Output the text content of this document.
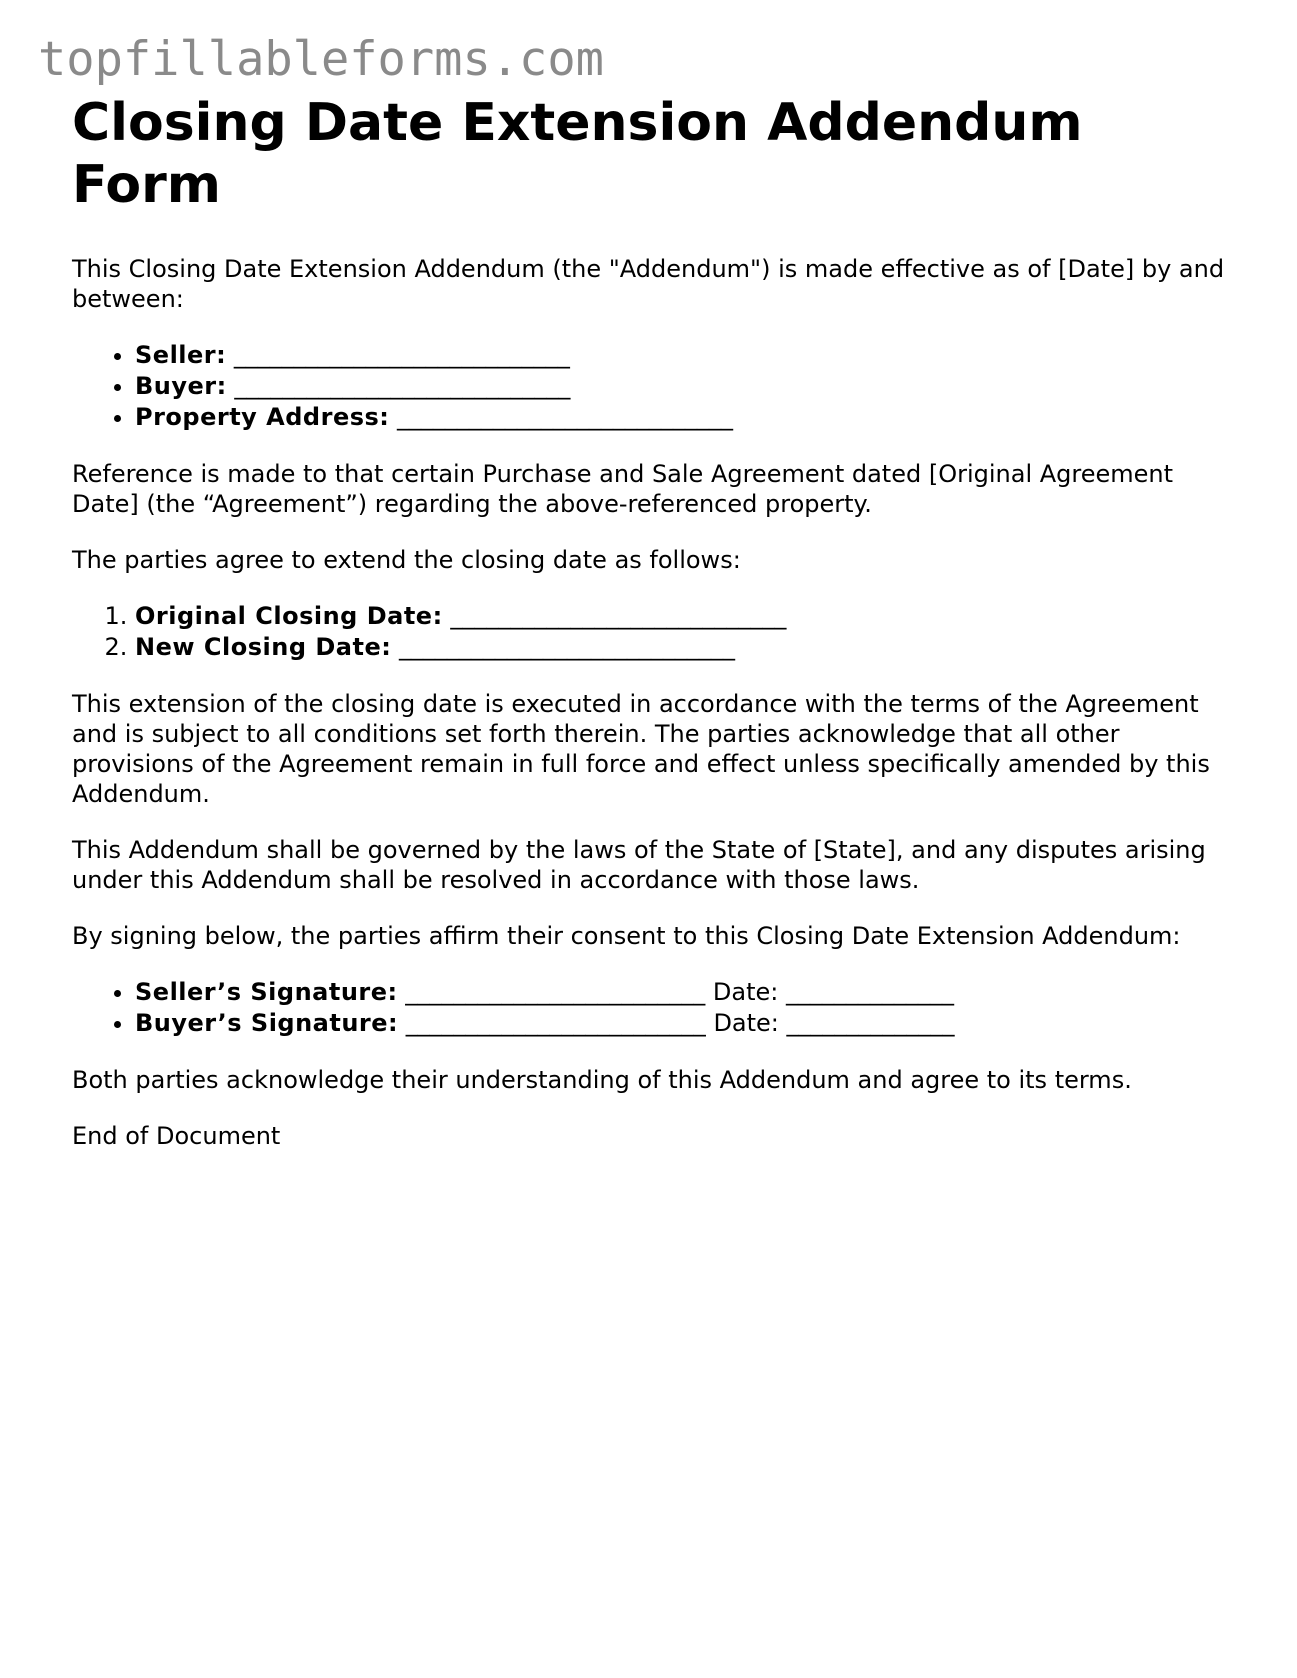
topfillableforms.com
Closing Date Extension Addendum Form

This Closing Date Extension Addendum (the "Addendum") is made effective as of [Date] by and between:

• Seller: ____________________________
• Buyer: ____________________________
• Property Address: ____________________________

Reference is made to that certain Purchase and Sale Agreement dated [Original Agreement Date] (the “Agreement”) regarding the above-referenced property.

The parties agree to extend the closing date as follows:

1. Original Closing Date: ____________________________
2. New Closing Date: ____________________________

This extension of the closing date is executed in accordance with the terms of the Agreement and is subject to all conditions set forth therein. The parties acknowledge that all other provisions of the Agreement remain in full force and effect unless specifically amended by this Addendum.

This Addendum shall be governed by the laws of the State of [State], and any disputes arising under this Addendum shall be resolved in accordance with those laws.

By signing below, the parties affirm their consent to this Closing Date Extension Addendum:

• Seller’s Signature: _________________________ Date: ______________
• Buyer’s Signature: _________________________ Date: ______________

Both parties acknowledge their understanding of this Addendum and agree to its terms.

End of Document
